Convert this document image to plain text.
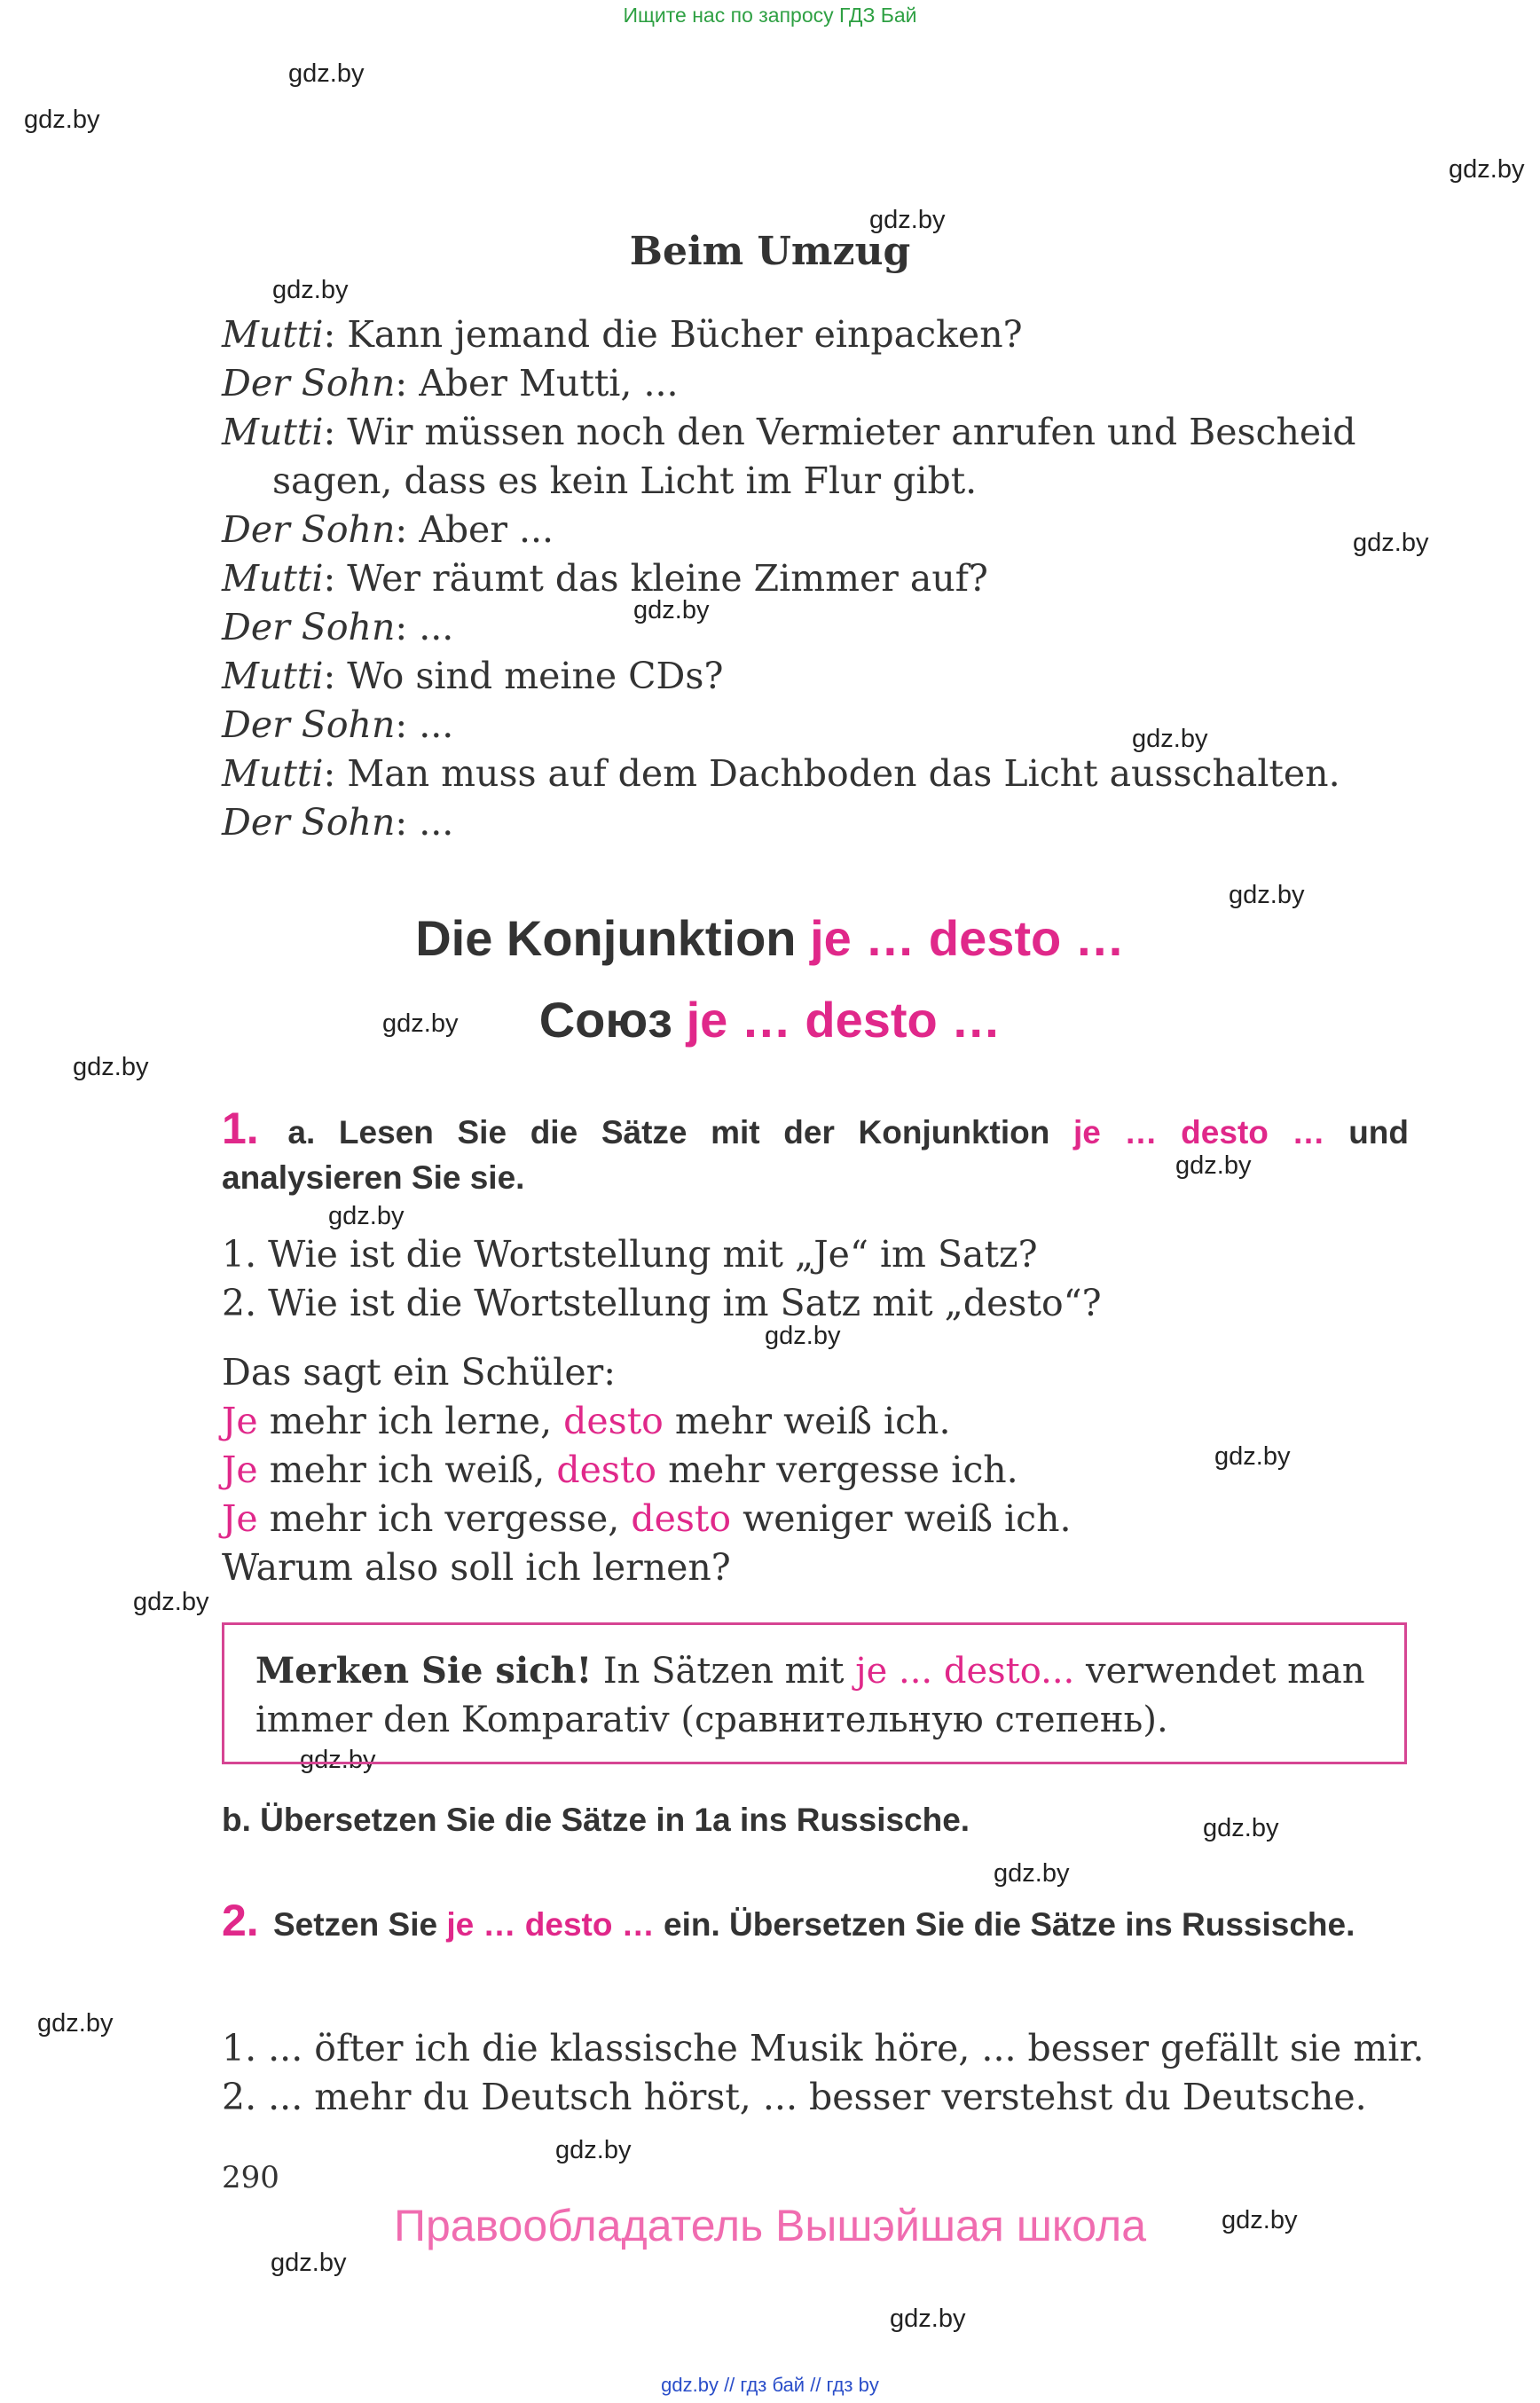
Ищите нас по запросу ГДЗ Бай
gdz.by
gdz.by
gdz.by
gdz.by
gdz.by
gdz.by
gdz.by
gdz.by
gdz.by
gdz.by
gdz.by
gdz.by
gdz.by
gdz.by
gdz.by
gdz.by
gdz.by
gdz.by
gdz.by
gdz.by
gdz.by
gdz.by
gdz.by
gdz.by
Beim Umzug
Mutti: Kann jemand die Bücher einpacken?
Der Sohn: Aber Mutti, ...
Mutti: Wir müssen noch den Vermieter anrufen und Bescheid
sagen, dass es kein Licht im Flur gibt.
Der Sohn: Aber ...
Mutti: Wer räumt das kleine Zimmer auf?
Der Sohn: ...
Mutti: Wo sind meine CDs?
Der Sohn: ...
Mutti: Man muss auf dem Dachboden das Licht ausschalten.
Der Sohn: ...
Die Konjunktion je … desto …
Союз je … desto …
1. a. Lesen Sie die Sätze mit der Konjunktion je … desto … und analysieren Sie sie.
1. Wie ist die Wortstellung mit „Je“ im Satz?
2. Wie ist die Wortstellung im Satz mit „desto“?
Das sagt ein Schüler:
Je mehr ich lerne, desto mehr weiß ich.
Je mehr ich weiß, desto mehr vergesse ich.
Je mehr ich vergesse, desto weniger weiß ich.
Warum also soll ich lernen?
Merken Sie sich! In Sätzen mit je ... desto... verwendet man immer den Komparativ (сравнительную степень).
b. Übersetzen Sie die Sätze in 1a ins Russische.
2. Setzen Sie je … desto … ein. Übersetzen Sie die Sätze ins Russische.
1. ... öfter ich die klassische Musik höre, ... besser gefällt sie mir.
2. ... mehr du Deutsch hörst, ... besser verstehst du Deutsche.
290
Правообладатель Вышэйшая школа
gdz.by // гдз бай // гдз by
